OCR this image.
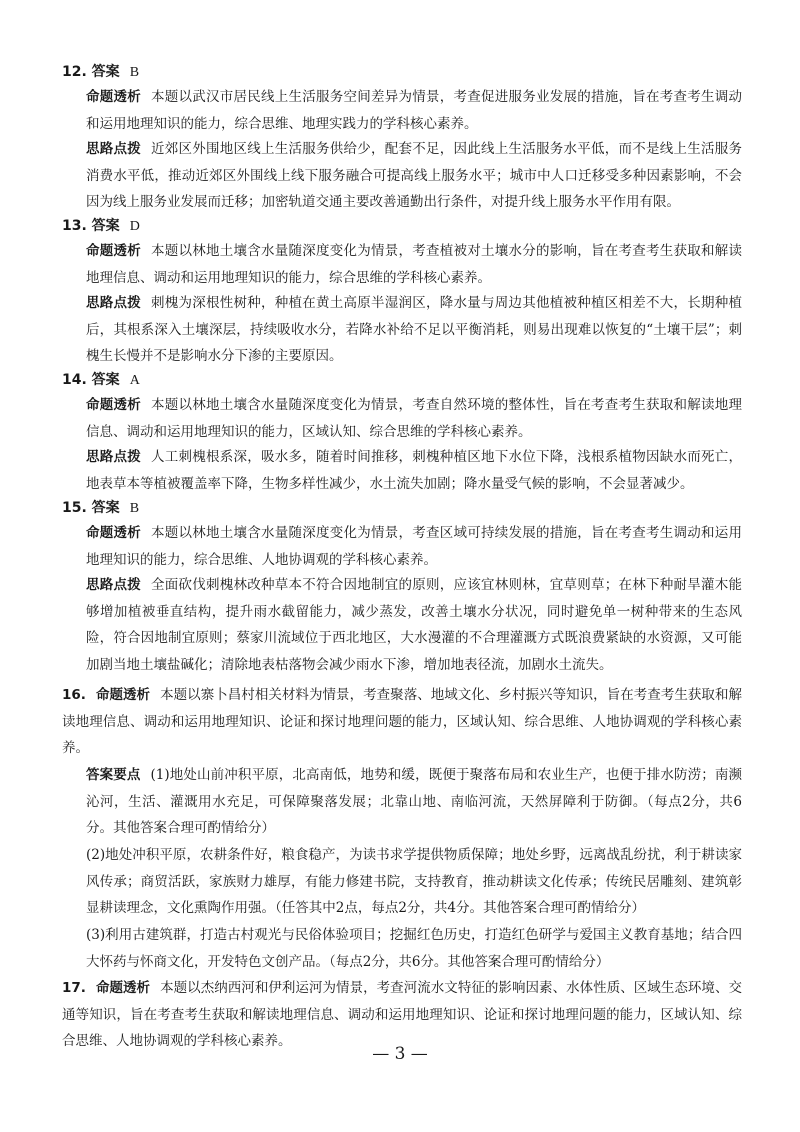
12. 答案 B
命题透析 本题以武汉市居民线上生活服务空间差异为情景，考查促进服务业发展的措施，旨在考查考生调动和运用地理知识的能力，综合思维、地理实践力的学科核心素养。
思路点拨 近郊区外围地区线上生活服务供给少，配套不足，因此线上生活服务水平低，而不是线上生活服务消费水平低，推动近郊区外围线上线下服务融合可提高线上服务水平；城市中人口迁移受多种因素影响，不会因为线上服务业发展而迁移；加密轨道交通主要改善通勤出行条件，对提升线上服务水平作用有限。
13. 答案 D
命题透析 本题以林地土壤含水量随深度变化为情景，考查植被对土壤水分的影响，旨在考查考生获取和解读地理信息、调动和运用地理知识的能力，综合思维的学科核心素养。
思路点拨 刺槐为深根性树种，种植在黄土高原半湿润区，降水量与周边其他植被种植区相差不大，长期种植后，其根系深入土壤深层，持续吸收水分，若降水补给不足以平衡消耗，则易出现难以恢复的“土壤干层”；刺槐生长慢并不是影响水分下渗的主要原因。
14. 答案 A
命题透析 本题以林地土壤含水量随深度变化为情景，考查自然环境的整体性，旨在考查考生获取和解读地理信息、调动和运用地理知识的能力，区域认知、综合思维的学科核心素养。
思路点拨 人工刺槐根系深，吸水多，随着时间推移，刺槐种植区地下水位下降，浅根系植物因缺水而死亡，地表草本等植被覆盖率下降，生物多样性减少，水土流失加剧；降水量受气候的影响，不会显著减少。
15. 答案 B
命题透析 本题以林地土壤含水量随深度变化为情景，考查区域可持续发展的措施，旨在考查考生调动和运用地理知识的能力，综合思维、人地协调观的学科核心素养。
思路点拨 全面砍伐刺槐林改种草本不符合因地制宜的原则，应该宜林则林，宜草则草；在林下种耐旱灌木能够增加植被垂直结构，提升雨水截留能力，减少蒸发，改善土壤水分状况，同时避免单一树种带来的生态风险，符合因地制宜原则；蔡家川流域位于西北地区，大水漫灌的不合理灌溉方式既浪费紧缺的水资源，又可能加剧当地土壤盐碱化；清除地表枯落物会减少雨水下渗，增加地表径流，加剧水土流失。
16. 命题透析 本题以寨卜昌村相关材料为情景，考查聚落、地域文化、乡村振兴等知识，旨在考查考生获取和解读地理信息、调动和运用地理知识、论证和探讨地理问题的能力，区域认知、综合思维、人地协调观的学科核心素养。
答案要点 (1)地处山前冲积平原，北高南低，地势和缓，既便于聚落布局和农业生产，也便于排水防涝；南濒沁河，生活、灌溉用水充足，可保障聚落发展；北靠山地、南临河流，天然屏障利于防御。（每点2分，共6分。其他答案合理可酌情给分）
(2)地处冲积平原，农耕条件好，粮食稳产，为读书求学提供物质保障；地处乡野，远离战乱纷扰，利于耕读家风传承；商贸活跃，家族财力雄厚，有能力修建书院，支持教育，推动耕读文化传承；传统民居雕刻、建筑彰显耕读理念，文化熏陶作用强。（任答其中2点，每点2分，共4分。其他答案合理可酌情给分）
(3)利用古建筑群，打造古村观光与民俗体验项目；挖掘红色历史，打造红色研学与爱国主义教育基地；结合四大怀药与怀商文化，开发特色文创产品。（每点2分，共6分。其他答案合理可酌情给分）
17. 命题透析 本题以杰纳西河和伊利运河为情景，考查河流水文特征的影响因素、水体性质、区域生态环境、交通等知识，旨在考查考生获取和解读地理信息、调动和运用地理知识、论证和探讨地理问题的能力，区域认知、综合思维、人地协调观的学科核心素养。
— 3 —
